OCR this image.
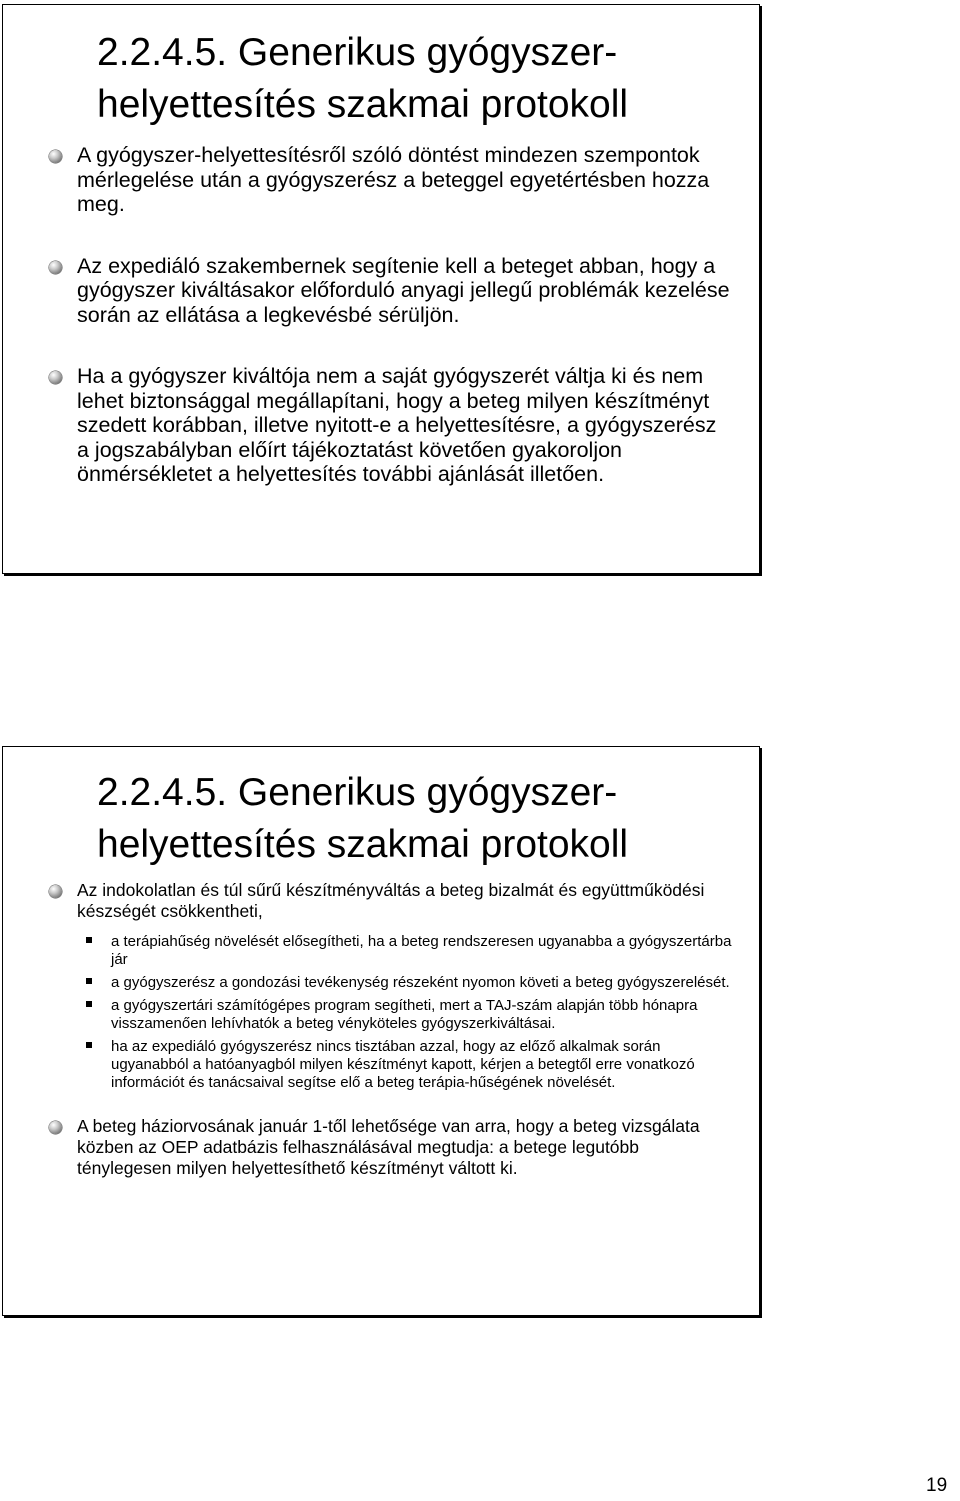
2.2.4.5. Generikus gyógyszer-
helyettesítés szakmai protokoll
A gyógyszer-helyettesítésről szóló döntést mindezen szempontok mérlegelése után a gyógyszerész a beteggel egyetértésben hozza meg.
Az expediáló szakembernek segítenie kell a beteget abban, hogy a gyógyszer kiváltásakor előforduló anyagi jellegű problémák kezelése során az ellátása a legkevésbé sérüljön.
Ha a gyógyszer kiváltója nem a saját gyógyszerét váltja ki és nem lehet biztonsággal megállapítani, hogy a beteg milyen készítményt szedett korábban, illetve nyitott-e a helyettesítésre, a gyógyszerész a jogszabályban előírt tájékoztatást követően gyakoroljon önmérsékletet a helyettesítés további ajánlását illetően.
2.2.4.5. Generikus gyógyszer-
helyettesítés szakmai protokoll
Az indokolatlan és túl sűrű készítményváltás a beteg bizalmát és együttműködési készségét csökkentheti,
a terápiahűség növelését elősegítheti, ha a beteg rendszeresen ugyanabba a gyógyszertárba jár
a gyógyszerész a gondozási tevékenység részeként nyomon követi a beteg gyógyszerelését.
a gyógyszertári számítógépes program segítheti, mert a TAJ-szám alapján több hónapra visszamenően lehívhatók a beteg vényköteles gyógyszerkiváltásai.
ha az expediáló gyógyszerész nincs tisztában azzal, hogy az előző alkalmak során ugyanabból a hatóanyagból milyen készítményt kapott, kérjen a betegtől erre vonatkozó információt és tanácsaival segítse elő a beteg terápia-hűségének növelését.
A beteg háziorvosának január 1-től lehetősége van arra, hogy a beteg vizsgálata közben az OEP adatbázis felhasználásával megtudja: a betege legutóbb ténylegesen milyen helyettesíthető készítményt váltott ki.
19
